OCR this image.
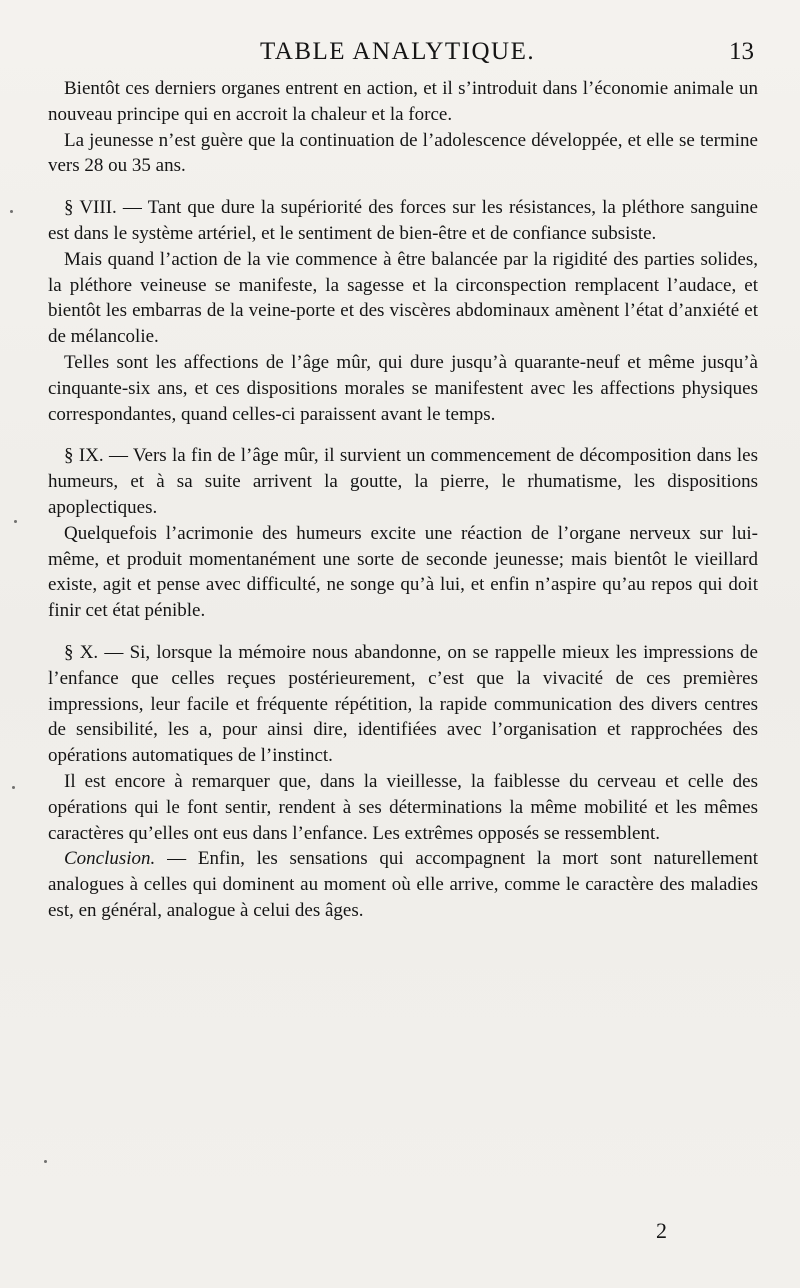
TABLE ANALYTIQUE.	13

Bientôt ces derniers organes entrent en action, et il s’introduit dans l’économie animale un nouveau principe qui en accroit la chaleur et la force.

La jeunesse n’est guère que la continuation de l’adolescence développée, et elle se termine vers 28 ou 35 ans.

§ VIII. — Tant que dure la supériorité des forces sur les résistances, la pléthore sanguine est dans le système artériel, et le sentiment de bien-être et de confiance subsiste.

Mais quand l’action de la vie commence à être balancée par la rigidité des parties solides, la pléthore veineuse se manifeste, la sagesse et la circonspection remplacent l’audace, et bientôt les embarras de la veine-porte et des viscères abdominaux amènent l’état d’anxiété et de mélancolie.

Telles sont les affections de l’âge mûr, qui dure jusqu’à quarante-neuf et même jusqu’à cinquante-six ans, et ces dispositions morales se manifestent avec les affections physiques correspondantes, quand celles-ci paraissent avant le temps.

§ IX. — Vers la fin de l’âge mûr, il survient un commencement de décomposition dans les humeurs, et à sa suite arrivent la goutte, la pierre, le rhumatisme, les dispositions apoplectiques.

Quelquefois l’acrimonie des humeurs excite une réaction de l’organe nerveux sur lui-même, et produit momentanément une sorte de seconde jeunesse; mais bientôt le vieillard existe, agit et pense avec difficulté, ne songe qu’à lui, et enfin n’aspire qu’au repos qui doit finir cet état pénible.

§ X. — Si, lorsque la mémoire nous abandonne, on se rappelle mieux les impressions de l’enfance que celles reçues postérieurement, c’est que la vivacité de ces premières impressions, leur facile et fréquente répétition, la rapide communication des divers centres de sensibilité, les a, pour ainsi dire, identifiées avec l’organisation et rapprochées des opérations automatiques de l’instinct.

Il est encore à remarquer que, dans la vieillesse, la faiblesse du cerveau et celle des opérations qui le font sentir, rendent à ses déterminations la même mobilité et les mêmes caractères qu’elles ont eus dans l’enfance. Les extrêmes opposés se ressemblent.

Conclusion. — Enfin, les sensations qui accompagnent la mort sont naturellement analogues à celles qui dominent au moment où elle arrive, comme le caractère des maladies est, en général, analogue à celui des âges.

2
